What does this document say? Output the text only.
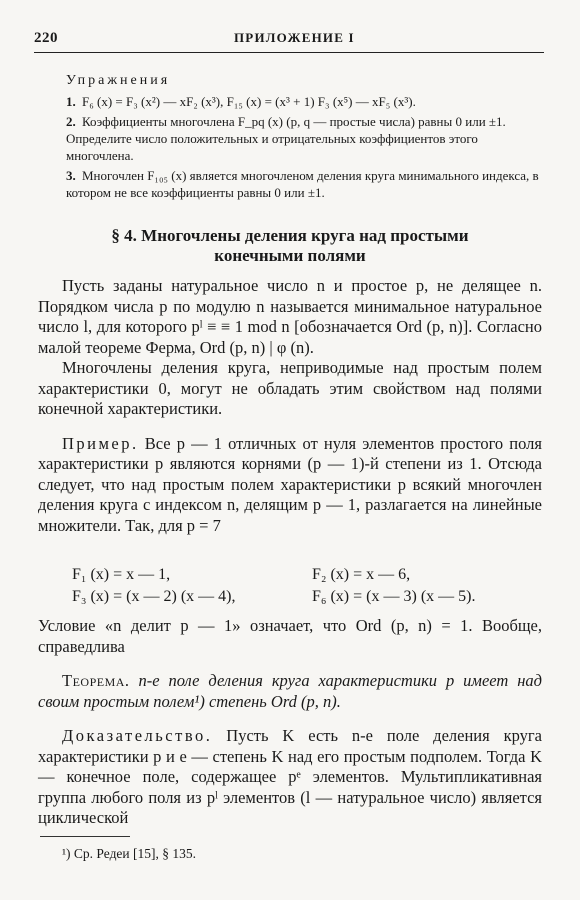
220	ПРИЛОЖЕНИЕ I
Упражнения
1. F₆ (x) = F₃ (x²) — xF₂ (x³), F₁₅ (x) = (x³ + 1) F₃ (x⁵) — xF₅ (x³).
2. Коэффициенты многочлена F_pq (x) (p, q — простые числа) равны 0 или ±1. Определите число положительных и отрицательных коэффициентов этого многочлена.
3. Многочлен F₁₀₅ (x) является многочленом деления круга минимального индекса, в котором не все коэффициенты равны 0 или ±1.
§ 4. Многочлены деления круга над простыми
конечными полями

Пусть заданы натуральное число n и простое p, не делящее n. Порядком числа p по модулю n называется минимальное натуральное число l, для которого pˡ ≡ ≡ 1 mod n [обозначается Ord (p, n)]. Согласно малой теореме Ферма, Ord (p, n) | φ (n).

Многочлены деления круга, неприводимые над простым полем характеристики 0, могут не обладать этим свойством над полями конечной характеристики.

Пример. Все p — 1 отличных от нуля элементов простого поля характеристики p являются корнями (p — 1)-й степени из 1. Отсюда следует, что над простым полем характеристики p всякий многочлен деления круга с индексом n, делящим p — 1, разлагается на линейные множители. Так, для p = 7

F₁ (x) = x — 1,	F₂ (x) = x — 6,
F₃ (x) = (x — 2) (x — 4),	F₆ (x) = (x — 3) (x — 5).

Условие «n делит p — 1» означает, что Ord (p, n) = 1. Вообще, справедлива

Теорема. n-е поле деления круга характеристики p имеет над своим простым полем¹) степень Ord (p, n).

Доказательство. Пусть K есть n-е поле деления круга характеристики p и e — степень K над его простым подполем. Тогда K — конечное поле, содержащее pᵉ элементов. Мультипликативная группа любого поля из pˡ элементов (l — натуральное число) является циклической

¹) Ср. Редеи [15], § 135.
